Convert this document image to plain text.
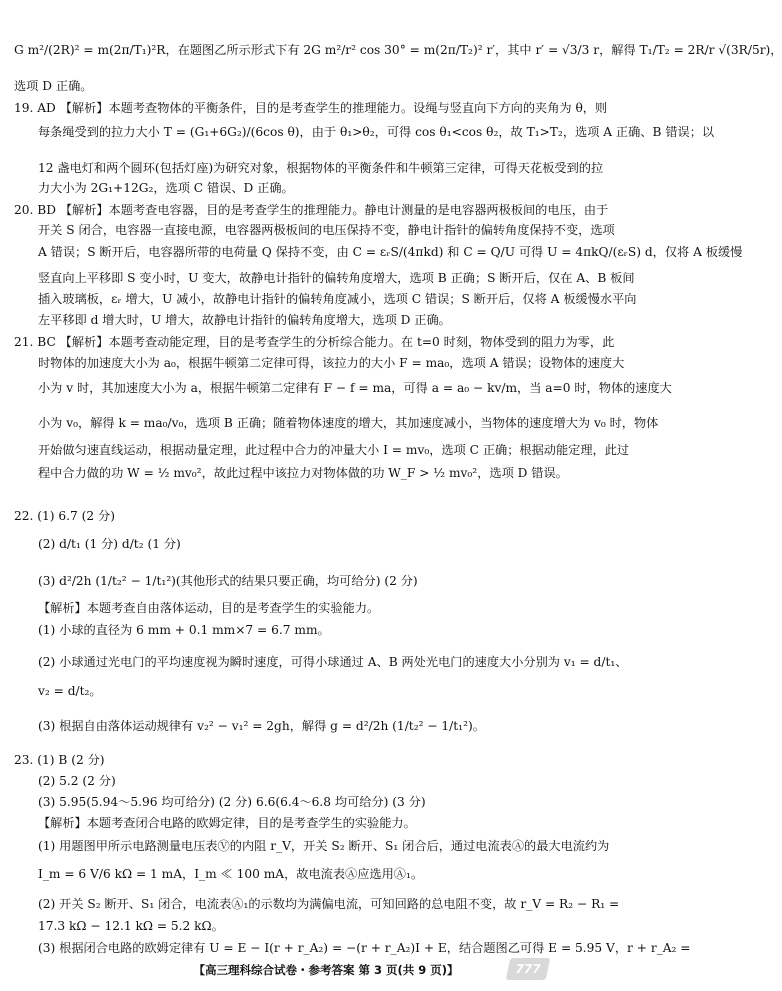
G m²/(2R)² = m(2π/T₁)²R，在题图乙所示形式下有 2G m²/r² cos 30° = m(2π/T₂)² r′，其中 r′ = √3/3 r，解得 T₁/T₂ = 2R/r √(3R/5r)，
选项 D 正确。
19. AD 【解析】本题考查物体的平衡条件，目的是考查学生的推理能力。设绳与竖直向下方向的夹角为 θ，则
每条绳受到的拉力大小 T = (G₁+6G₂)/(6cos θ)，由于 θ₁>θ₂，可得 cos θ₁<cos θ₂，故 T₁>T₂，选项 A 正确、B 错误；以
12 盏电灯和两个圆环(包括灯座)为研究对象，根据物体的平衡条件和牛顿第三定律，可得天花板受到的拉
力大小为 2G₁+12G₂，选项 C 错误、D 正确。
20. BD 【解析】本题考查电容器，目的是考查学生的推理能力。静电计测量的是电容器两极板间的电压，由于
开关 S 闭合，电容器一直接电源，电容器两极板间的电压保持不变，静电计指针的偏转角度保持不变，选项
A 错误；S 断开后，电容器所带的电荷量 Q 保持不变，由 C = εᵣS/(4πkd) 和 C = Q/U 可得 U = 4πkQ/(εᵣS) d，仅将 A 板缓慢
竖直向上平移即 S 变小时，U 变大，故静电计指针的偏转角度增大，选项 B 正确；S 断开后，仅在 A、B 板间
插入玻璃板，εᵣ 增大，U 减小，故静电计指针的偏转角度减小，选项 C 错误；S 断开后，仅将 A 板缓慢水平向
左平移即 d 增大时，U 增大，故静电计指针的偏转角度增大，选项 D 正确。
21. BC 【解析】本题考查动能定理，目的是考查学生的分析综合能力。在 t=0 时刻，物体受到的阻力为零，此
时物体的加速度大小为 a₀，根据牛顿第二定律可得，该拉力的大小 F = ma₀，选项 A 错误；设物体的速度大
小为 v 时，其加速度大小为 a，根据牛顿第二定律有 F − f = ma，可得 a = a₀ − kv/m，当 a=0 时，物体的速度大
小为 v₀，解得 k = ma₀/v₀，选项 B 正确；随着物体速度的增大，其加速度减小，当物体的速度增大为 v₀ 时，物体
开始做匀速直线运动，根据动量定理，此过程中合力的冲量大小 I = mv₀，选项 C 正确；根据动能定理，此过
程中合力做的功 W = ½ mv₀²，故此过程中该拉力对物体做的功 W_F > ½ mv₀²，选项 D 错误。
22. (1) 6.7 (2 分)
(2) d/t₁ (1 分) d/t₂ (1 分)
(3) d²/2h (1/t₂² − 1/t₁²)(其他形式的结果只要正确，均可给分) (2 分)
【解析】本题考查自由落体运动，目的是考查学生的实验能力。
(1) 小球的直径为 6 mm + 0.1 mm×7 = 6.7 mm。
(2) 小球通过光电门的平均速度视为瞬时速度，可得小球通过 A、B 两处光电门的速度大小分别为 v₁ = d/t₁、
v₂ = d/t₂。
(3) 根据自由落体运动规律有 v₂² − v₁² = 2gh，解得 g = d²/2h (1/t₂² − 1/t₁²)。
23. (1) B (2 分)
(2) 5.2 (2 分)
(3) 5.95(5.94～5.96 均可给分) (2 分) 6.6(6.4～6.8 均可给分) (3 分)
【解析】本题考查闭合电路的欧姆定律，目的是考查学生的实验能力。
(1) 用题图甲所示电路测量电压表Ⓥ的内阻 r_V，开关 S₂ 断开、S₁ 闭合后，通过电流表Ⓐ的最大电流约为
I_m = 6 V/6 kΩ = 1 mA，I_m ≪ 100 mA，故电流表Ⓐ应选用Ⓐ₁。
(2) 开关 S₂ 断开、S₁ 闭合，电流表Ⓐ₁的示数均为满偏电流，可知回路的总电阻不变，故 r_V = R₂ − R₁ =
17.3 kΩ − 12.1 kΩ = 5.2 kΩ。
(3) 根据闭合电路的欧姆定律有 U = E − I(r + r_A₂) = −(r + r_A₂)I + E，结合题图乙可得 E = 5.95 V，r + r_A₂ =
【高三理科综合试卷・参考答案 第 3 页(共 9 页)】	777
